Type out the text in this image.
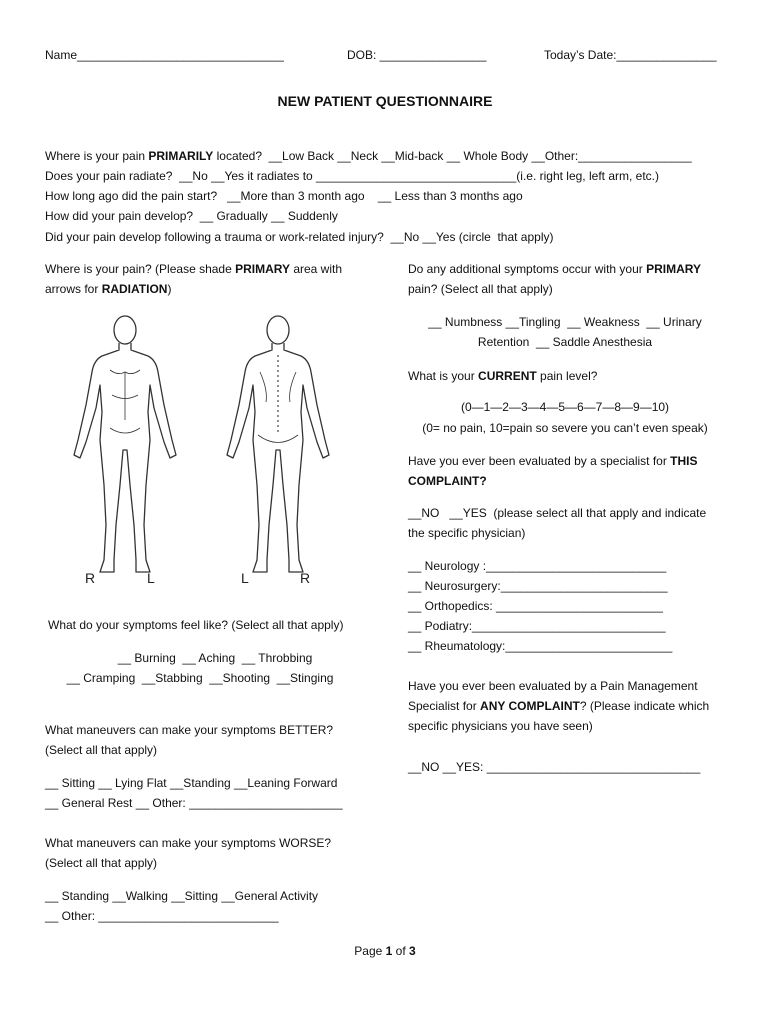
Name_______________________________	DOB: ________________	Today’s Date:_______________
NEW PATIENT QUESTIONNAIRE
Where is your pain PRIMARILY located?  __Low Back __Neck __Mid-back __ Whole Body __Other:_________________
Does your pain radiate?  __No __Yes it radiates to ______________________________(i.e. right leg, left arm, etc.)
How long ago did the pain start?   __More than 3 month ago    __ Less than 3 months ago
How did your pain develop?  __ Gradually __ Suddenly
Did your pain develop following a trauma or work-related injury?  __No __Yes (circle  that apply)
Where is your pain? (Please shade PRIMARY area with
arrows for RADIATION)
R	L	L	R
What do your symptoms feel like? (Select all that apply)
__ Burning  __ Aching  __ Throbbing
__ Cramping  __Stabbing  __Shooting  __Stinging
What maneuvers can make your symptoms BETTER?
(Select all that apply)
__ Sitting __ Lying Flat __Standing __Leaning Forward
__ General Rest __ Other: _______________________
What maneuvers can make your symptoms WORSE?
(Select all that apply)
__ Standing __Walking __Sitting __General Activity
__ Other: ___________________________
Do any additional symptoms occur with your PRIMARY
pain? (Select all that apply)
__ Numbness __Tingling  __ Weakness  __ Urinary
Retention  __ Saddle Anesthesia
What is your CURRENT pain level?
(0—1—2—3—4—5—6—7—8—9—10)
(0= no pain, 10=pain so severe you can’t even speak)
Have you ever been evaluated by a specialist for THIS
COMPLAINT?
__NO   __YES  (please select all that apply and indicate
the specific physician)
__ Neurology :___________________________
__ Neurosurgery:_________________________
__ Orthopedics: _________________________
__ Podiatry:_____________________________
__ Rheumatology:_________________________
Have you ever been evaluated by a Pain Management
Specialist for ANY COMPLAINT? (Please indicate which
specific physicians you have seen)
__NO __YES: ________________________________
Page 1 of 3
